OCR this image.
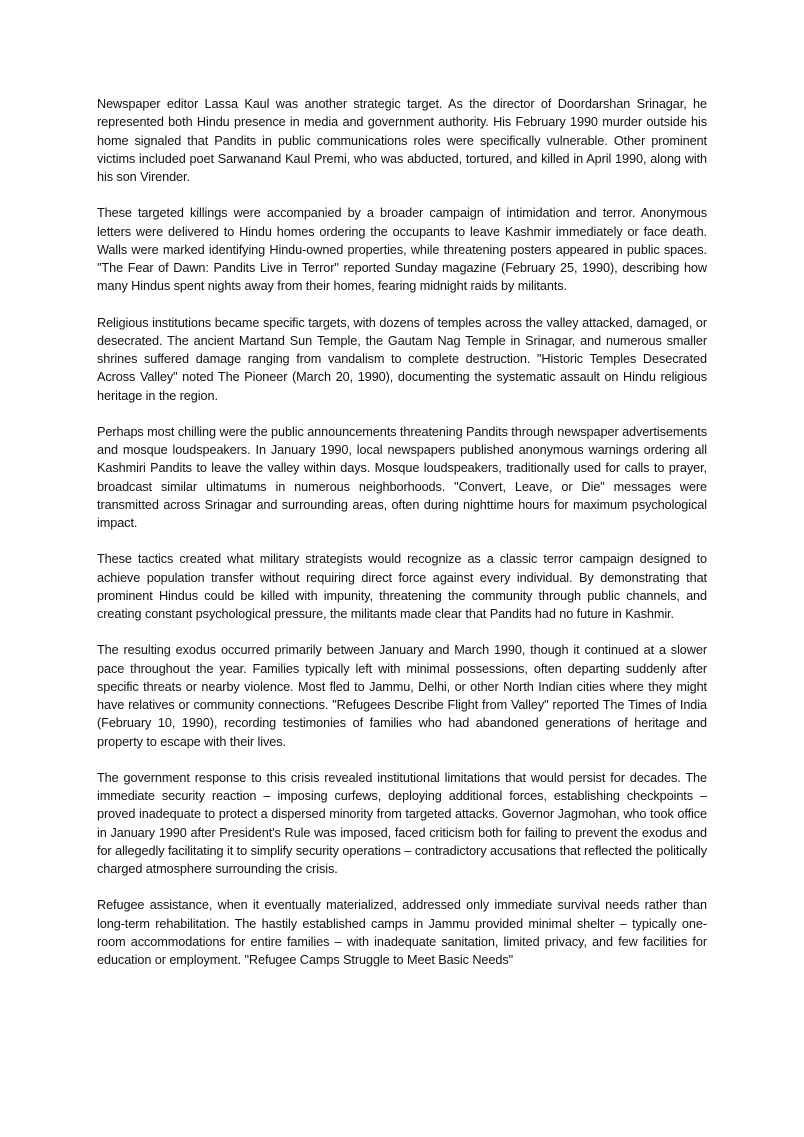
Newspaper editor Lassa Kaul was another strategic target. As the director of Doordarshan Srinagar, he represented both Hindu presence in media and government authority. His February 1990 murder outside his home signaled that Pandits in public communications roles were specifically vulnerable. Other prominent victims included poet Sarwanand Kaul Premi, who was abducted, tortured, and killed in April 1990, along with his son Virender.

These targeted killings were accompanied by a broader campaign of intimidation and terror. Anonymous letters were delivered to Hindu homes ordering the occupants to leave Kashmir immediately or face death. Walls were marked identifying Hindu-owned properties, while threatening posters appeared in public spaces. "The Fear of Dawn: Pandits Live in Terror" reported Sunday magazine (February 25, 1990), describing how many Hindus spent nights away from their homes, fearing midnight raids by militants.

Religious institutions became specific targets, with dozens of temples across the valley attacked, damaged, or desecrated. The ancient Martand Sun Temple, the Gautam Nag Temple in Srinagar, and numerous smaller shrines suffered damage ranging from vandalism to complete destruction. "Historic Temples Desecrated Across Valley" noted The Pioneer (March 20, 1990), documenting the systematic assault on Hindu religious heritage in the region.

Perhaps most chilling were the public announcements threatening Pandits through newspaper advertisements and mosque loudspeakers. In January 1990, local newspapers published anonymous warnings ordering all Kashmiri Pandits to leave the valley within days. Mosque loudspeakers, traditionally used for calls to prayer, broadcast similar ultimatums in numerous neighborhoods. "Convert, Leave, or Die" messages were transmitted across Srinagar and surrounding areas, often during nighttime hours for maximum psychological impact.

These tactics created what military strategists would recognize as a classic terror campaign designed to achieve population transfer without requiring direct force against every individual. By demonstrating that prominent Hindus could be killed with impunity, threatening the community through public channels, and creating constant psychological pressure, the militants made clear that Pandits had no future in Kashmir.

The resulting exodus occurred primarily between January and March 1990, though it continued at a slower pace throughout the year. Families typically left with minimal possessions, often departing suddenly after specific threats or nearby violence. Most fled to Jammu, Delhi, or other North Indian cities where they might have relatives or community connections. "Refugees Describe Flight from Valley" reported The Times of India (February 10, 1990), recording testimonies of families who had abandoned generations of heritage and property to escape with their lives.

The government response to this crisis revealed institutional limitations that would persist for decades. The immediate security reaction – imposing curfews, deploying additional forces, establishing checkpoints – proved inadequate to protect a dispersed minority from targeted attacks. Governor Jagmohan, who took office in January 1990 after President's Rule was imposed, faced criticism both for failing to prevent the exodus and for allegedly facilitating it to simplify security operations – contradictory accusations that reflected the politically charged atmosphere surrounding the crisis.

Refugee assistance, when it eventually materialized, addressed only immediate survival needs rather than long-term rehabilitation. The hastily established camps in Jammu provided minimal shelter – typically one-room accommodations for entire families – with inadequate sanitation, limited privacy, and few facilities for education or employment. "Refugee Camps Struggle to Meet Basic Needs"
